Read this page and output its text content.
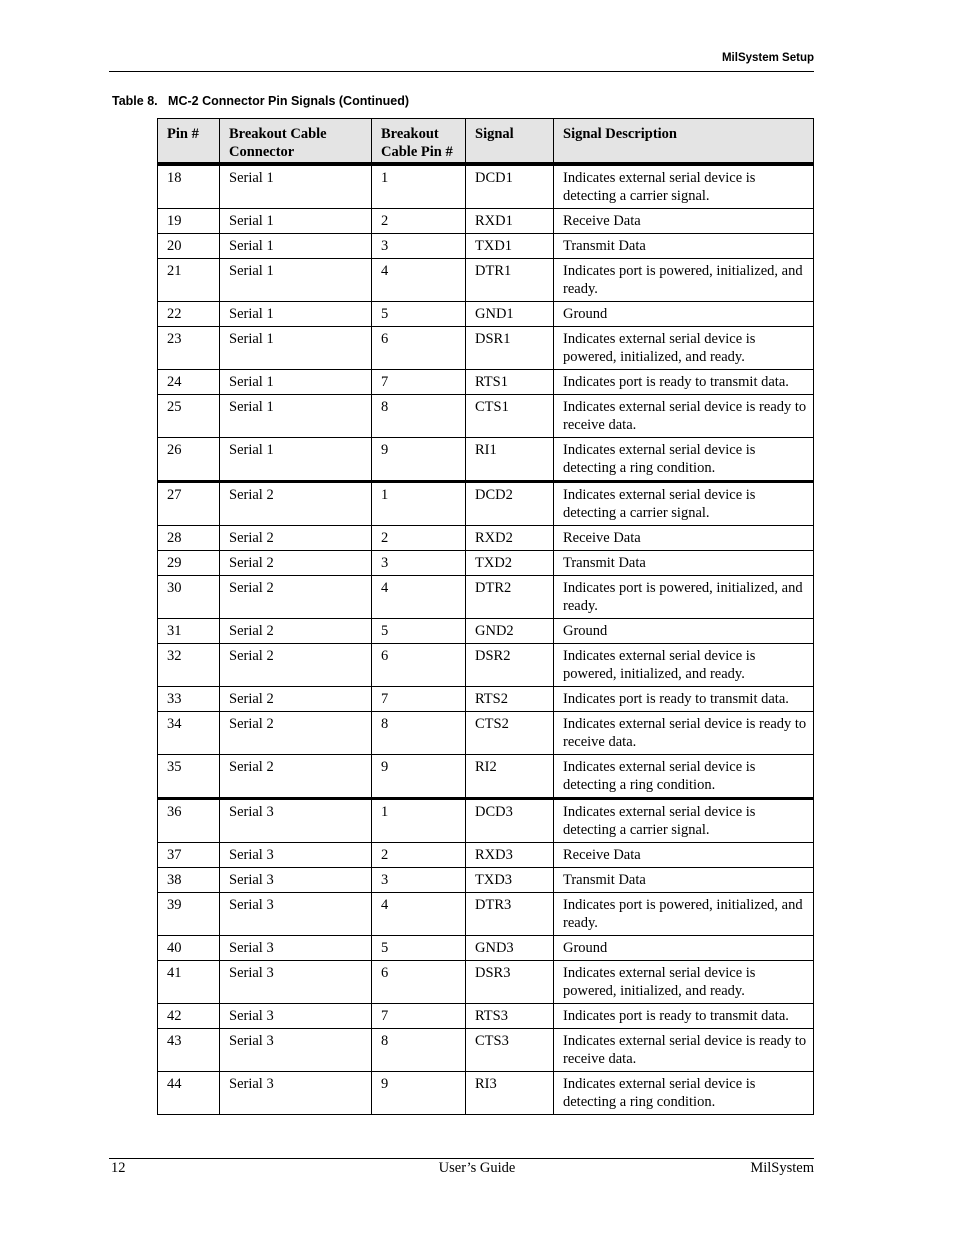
MilSystem Setup
Table 8. MC-2 Connector Pin Signals (Continued)
Pin #	Breakout Cable Connector	Breakout Cable Pin #	Signal	Signal Description
18	Serial 1	1	DCD1	Indicates external serial device is detecting a carrier signal.
19	Serial 1	2	RXD1	Receive Data
20	Serial 1	3	TXD1	Transmit Data
21	Serial 1	4	DTR1	Indicates port is powered, initialized, and ready.
22	Serial 1	5	GND1	Ground
23	Serial 1	6	DSR1	Indicates external serial device is powered, initialized, and ready.
24	Serial 1	7	RTS1	Indicates port is ready to transmit data.
25	Serial 1	8	CTS1	Indicates external serial device is ready to receive data.
26	Serial 1	9	RI1	Indicates external serial device is detecting a ring condition.
27	Serial 2	1	DCD2	Indicates external serial device is detecting a carrier signal.
28	Serial 2	2	RXD2	Receive Data
29	Serial 2	3	TXD2	Transmit Data
30	Serial 2	4	DTR2	Indicates port is powered, initialized, and ready.
31	Serial 2	5	GND2	Ground
32	Serial 2	6	DSR2	Indicates external serial device is powered, initialized, and ready.
33	Serial 2	7	RTS2	Indicates port is ready to transmit data.
34	Serial 2	8	CTS2	Indicates external serial device is ready to receive data.
35	Serial 2	9	RI2	Indicates external serial device is detecting a ring condition.
36	Serial 3	1	DCD3	Indicates external serial device is detecting a carrier signal.
37	Serial 3	2	RXD3	Receive Data
38	Serial 3	3	TXD3	Transmit Data
39	Serial 3	4	DTR3	Indicates port is powered, initialized, and ready.
40	Serial 3	5	GND3	Ground
41	Serial 3	6	DSR3	Indicates external serial device is powered, initialized, and ready.
42	Serial 3	7	RTS3	Indicates port is ready to transmit data.
43	Serial 3	8	CTS3	Indicates external serial device is ready to receive data.
44	Serial 3	9	RI3	Indicates external serial device is detecting a ring condition.
12	User’s Guide	MilSystem
